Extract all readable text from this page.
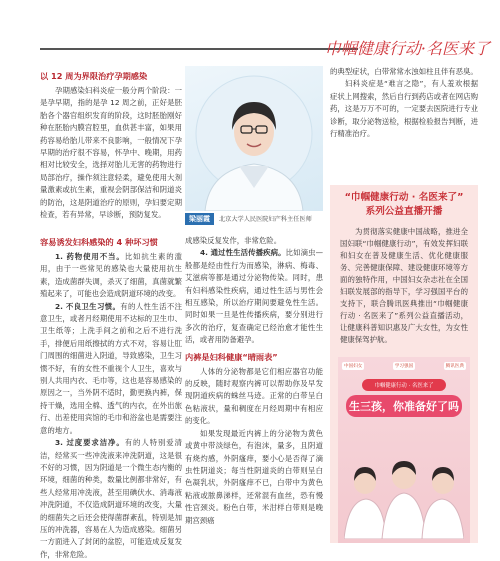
巾帼健康行动·名医来了
以 12 周为界限治疗孕期感染

孕期感染妇科炎症一般分两个阶段：一是孕早期，指的是孕 12 周之前，正好是胚胎各个器官组织发育的阶段，这时胚胎刚好种在胚胎内膜宫腔里，血供甚丰富，如果用药容易给胎儿带来不良影响，一般情况下孕早期的治疗很不容易，怀孕中、晚期，用药相对比较安全，选择对胎儿无害的药物进行局部治疗，操作须注意轻柔，避免使用大剂量激素或抗生素，重视会阴部保洁和阴道炎的防治，这是阴道治疗的原则，孕妇要定期检查，若有异常，早诊断，预防复发。

容易诱发妇科感染的 4 种坏习惯

1. 药物使用不当。比如抗生素的滥用，由于一些常见的感染也大量使用抗生素，造成菌群失调，杀灭了细菌，真菌就繁殖起来了，可能也会造成阴道环境的改变。

2. 不良卫生习惯。有的人性生活不注意卫生，或者月经期使用不达标的卫生巾、卫生纸等；上洗手间之前和之后不进行洗手，排便后用纸擦拭的方式不对，容易让肛门周围的细菌进入阴道，导致感染，卫生习惯不好，有的女性不重视个人卫生，喜欢与别人共用内衣、毛巾等，这也是容易感染的原因之一，当外阴不适时，勤更换内裤，保持干燥，选用全棉、透气的内衣，在外出旅行、出差使用宾馆的毛巾和浴盆也是需要注意的地方。

3. 过度要求洁净。有的人特别爱清洁，经常买一些冲洗液来冲洗阴道，这是很不好的习惯，因为阴道是一个微生态内衡的环境，细菌的种类，数量比例都非常好，有些人经常用冲洗液，甚至用碘伏水、消毒液冲洗阴道，不仅造成阴道环境的改变，大量的细菌失之后还会使得菌群紊乱，特别是加压的冲洗器，容易在人为造成感染。细菌另一方面进入了封闭的盆腔，可能造成反复发作，非常危险。

梁丽霞	北京大学人民医院妇产科主任医师

成感染反复发作，非常危险。

4. 通过性生活传播疾病。比如滴虫—般都是经由性行为而感染，淋病、梅毒、艾滋病等都是通过分泌物传染。同时，患有妇科感染性疾病，通过性生活与男性会相互感染，所以治疗期间要避免性生活。同时如果一旦是性传播疾病，要分别进行多次的治疗，复查确定已经治愈才能性生活，或者用防备避孕。

内裤是妇科健康“晴雨表”

人体的分泌物都是它们相应器官功能的反映，随时观察内裤可以帮助你及早发现阴道疾病的蛛丝马迹。正常的白带呈白色粘液状，量和稠度在月经周期中有相应的变化。

如果发现最近内裤上的分泌物为黄色或黄中带淡绿色，有泡沫，量多，且阴道有烧灼感，外阴瘙痒，要小心是否得了滴虫性阴道炎；每当性阴道炎的白带则呈白色凝乳状，外阴瘙痒不已，白带中为黄色粘液或脓鼻涕样，还常混有血丝，恐有慢性宫颈炎。粉色白带，米泔样白带则是晚期宫颈癌

的典型症状，白带常常水浊如柱且伴有恶臭。

妇科炎症是“难言之隐”，有人羞欢根据症状上网搜索，然后自行到药店或者在网店购药，这是万万不可的，一定要去医院进行专业诊断，取分泌物送检，根据检验报告判断，进行精准治疗。

“巾帼健康行动 · 名医来了”
系列公益直播开播
为贯彻落实健康中国战略，推进全国妇联“巾帼健康行动”，有效发挥妇联和妇女在普及健康生活、优化健康服务、完善健康保障、建设健康环境等方面的独特作用，中国妇女杂志社在全国妇联发展部的指导下，学习强国平台的支持下，联合腾讯医典推出“巾帼健康行动 · 名医来了”系列公益直播活动，让健康科普知识惠及广大女性，为女性健康保驾护航。
中国妇女	学习强国	腾讯医典
巾帼健康行动 · 名医来了
生三孩，你准备好了吗
